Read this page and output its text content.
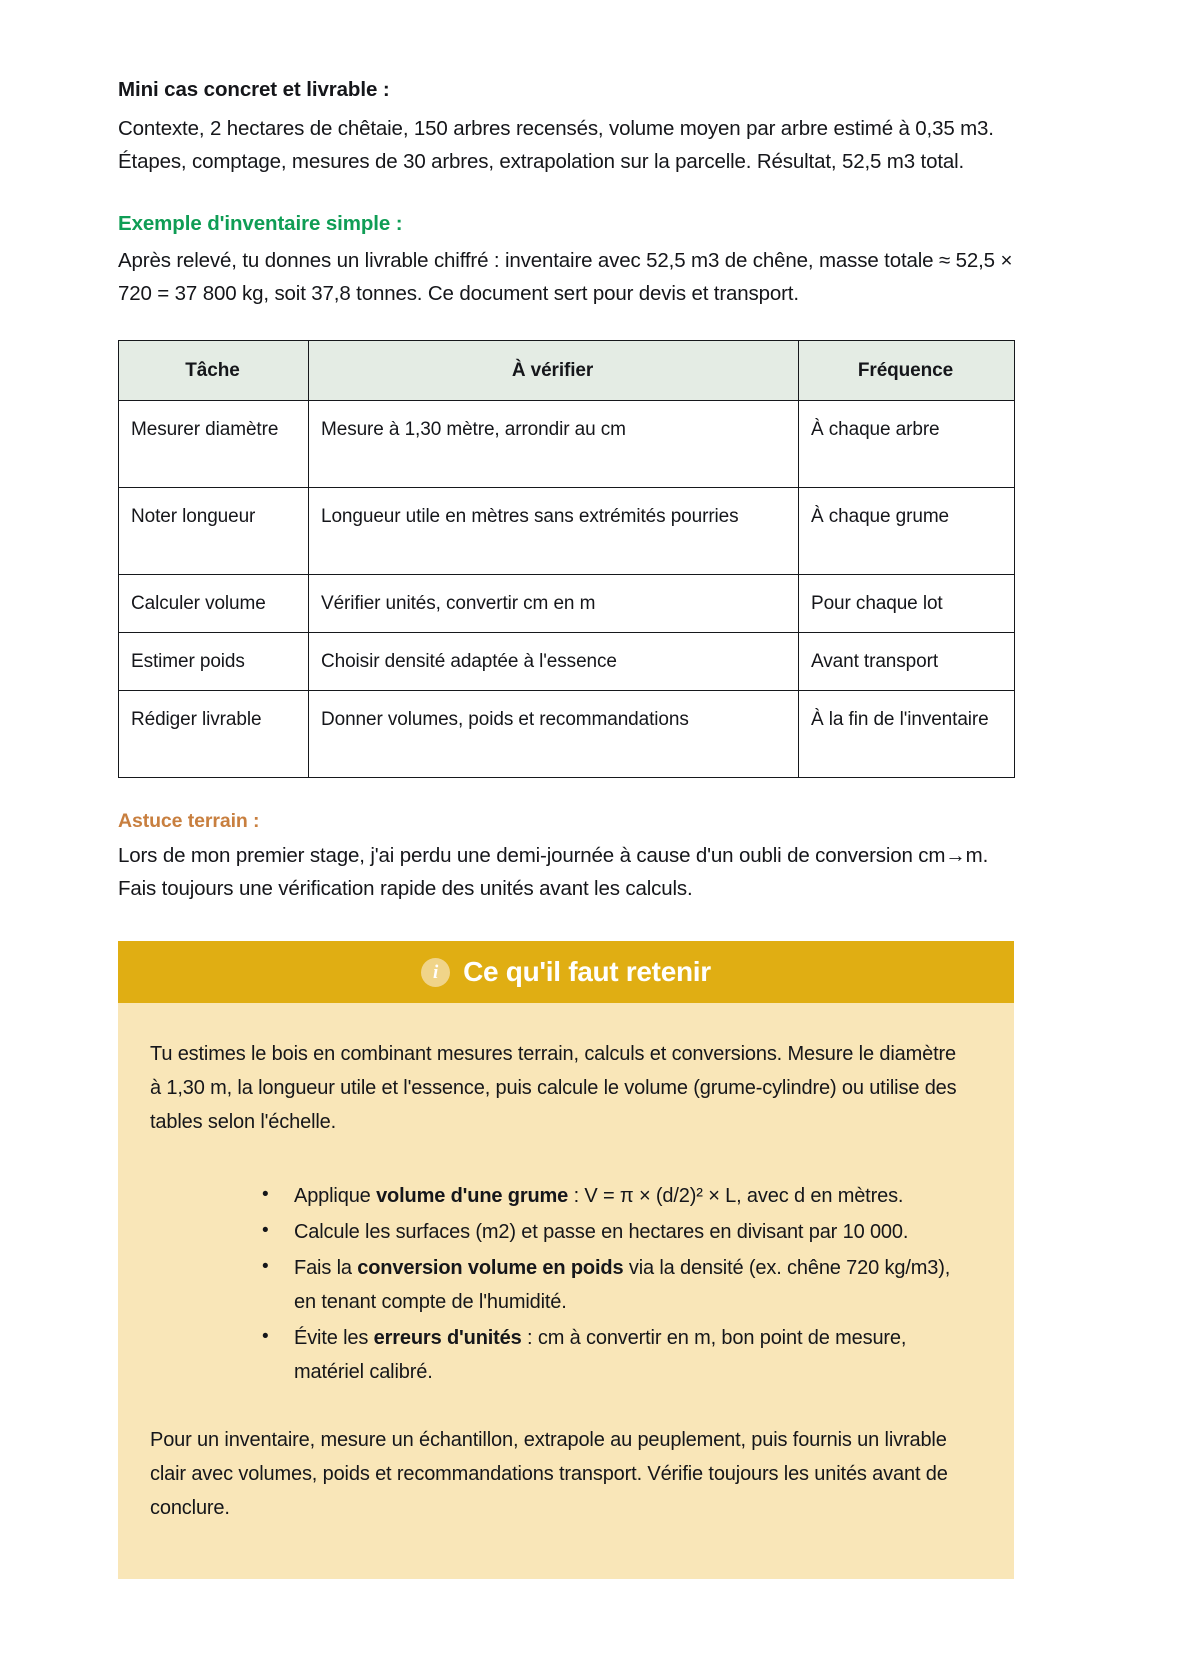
Mini cas concret et livrable :

Contexte, 2 hectares de chêtaie, 150 arbres recensés, volume moyen par arbre estimé à 0,35 m3. Étapes, comptage, mesures de 30 arbres, extrapolation sur la parcelle. Résultat, 52,5 m3 total.

Exemple d'inventaire simple :

Après relevé, tu donnes un livrable chiffré : inventaire avec 52,5 m3 de chêne, masse totale ≈ 52,5 × 720 = 37 800 kg, soit 37,8 tonnes. Ce document sert pour devis et transport.

Tâche	À vérifier	Fréquence
Mesurer diamètre	Mesure à 1,30 mètre, arrondir au cm	À chaque arbre
Noter longueur	Longueur utile en mètres sans extrémités pourries	À chaque grume
Calculer volume	Vérifier unités, convertir cm en m	Pour chaque lot
Estimer poids	Choisir densité adaptée à l'essence	Avant transport
Rédiger livrable	Donner volumes, poids et recommandations	À la fin de l'inventaire
Astuce terrain :

Lors de mon premier stage, j'ai perdu une demi-journée à cause d'un oubli de conversion cm→m. Fais toujours une vérification rapide des unités avant les calculs.

i Ce qu'il faut retenir

Tu estimes le bois en combinant mesures terrain, calculs et conversions. Mesure le diamètre à 1,30 m, la longueur utile et l'essence, puis calcule le volume (grume-cylindre) ou utilise des tables selon l'échelle.

• Applique volume d'une grume : V = π × (d/2)² × L, avec d en mètres.
• Calcule les surfaces (m2) et passe en hectares en divisant par 10 000.
• Fais la conversion volume en poids via la densité (ex. chêne 720 kg/m3), en tenant compte de l'humidité.
• Évite les erreurs d'unités : cm à convertir en m, bon point de mesure, matériel calibré.

Pour un inventaire, mesure un échantillon, extrapole au peuplement, puis fournis un livrable clair avec volumes, poids et recommandations transport. Vérifie toujours les unités avant de conclure.
